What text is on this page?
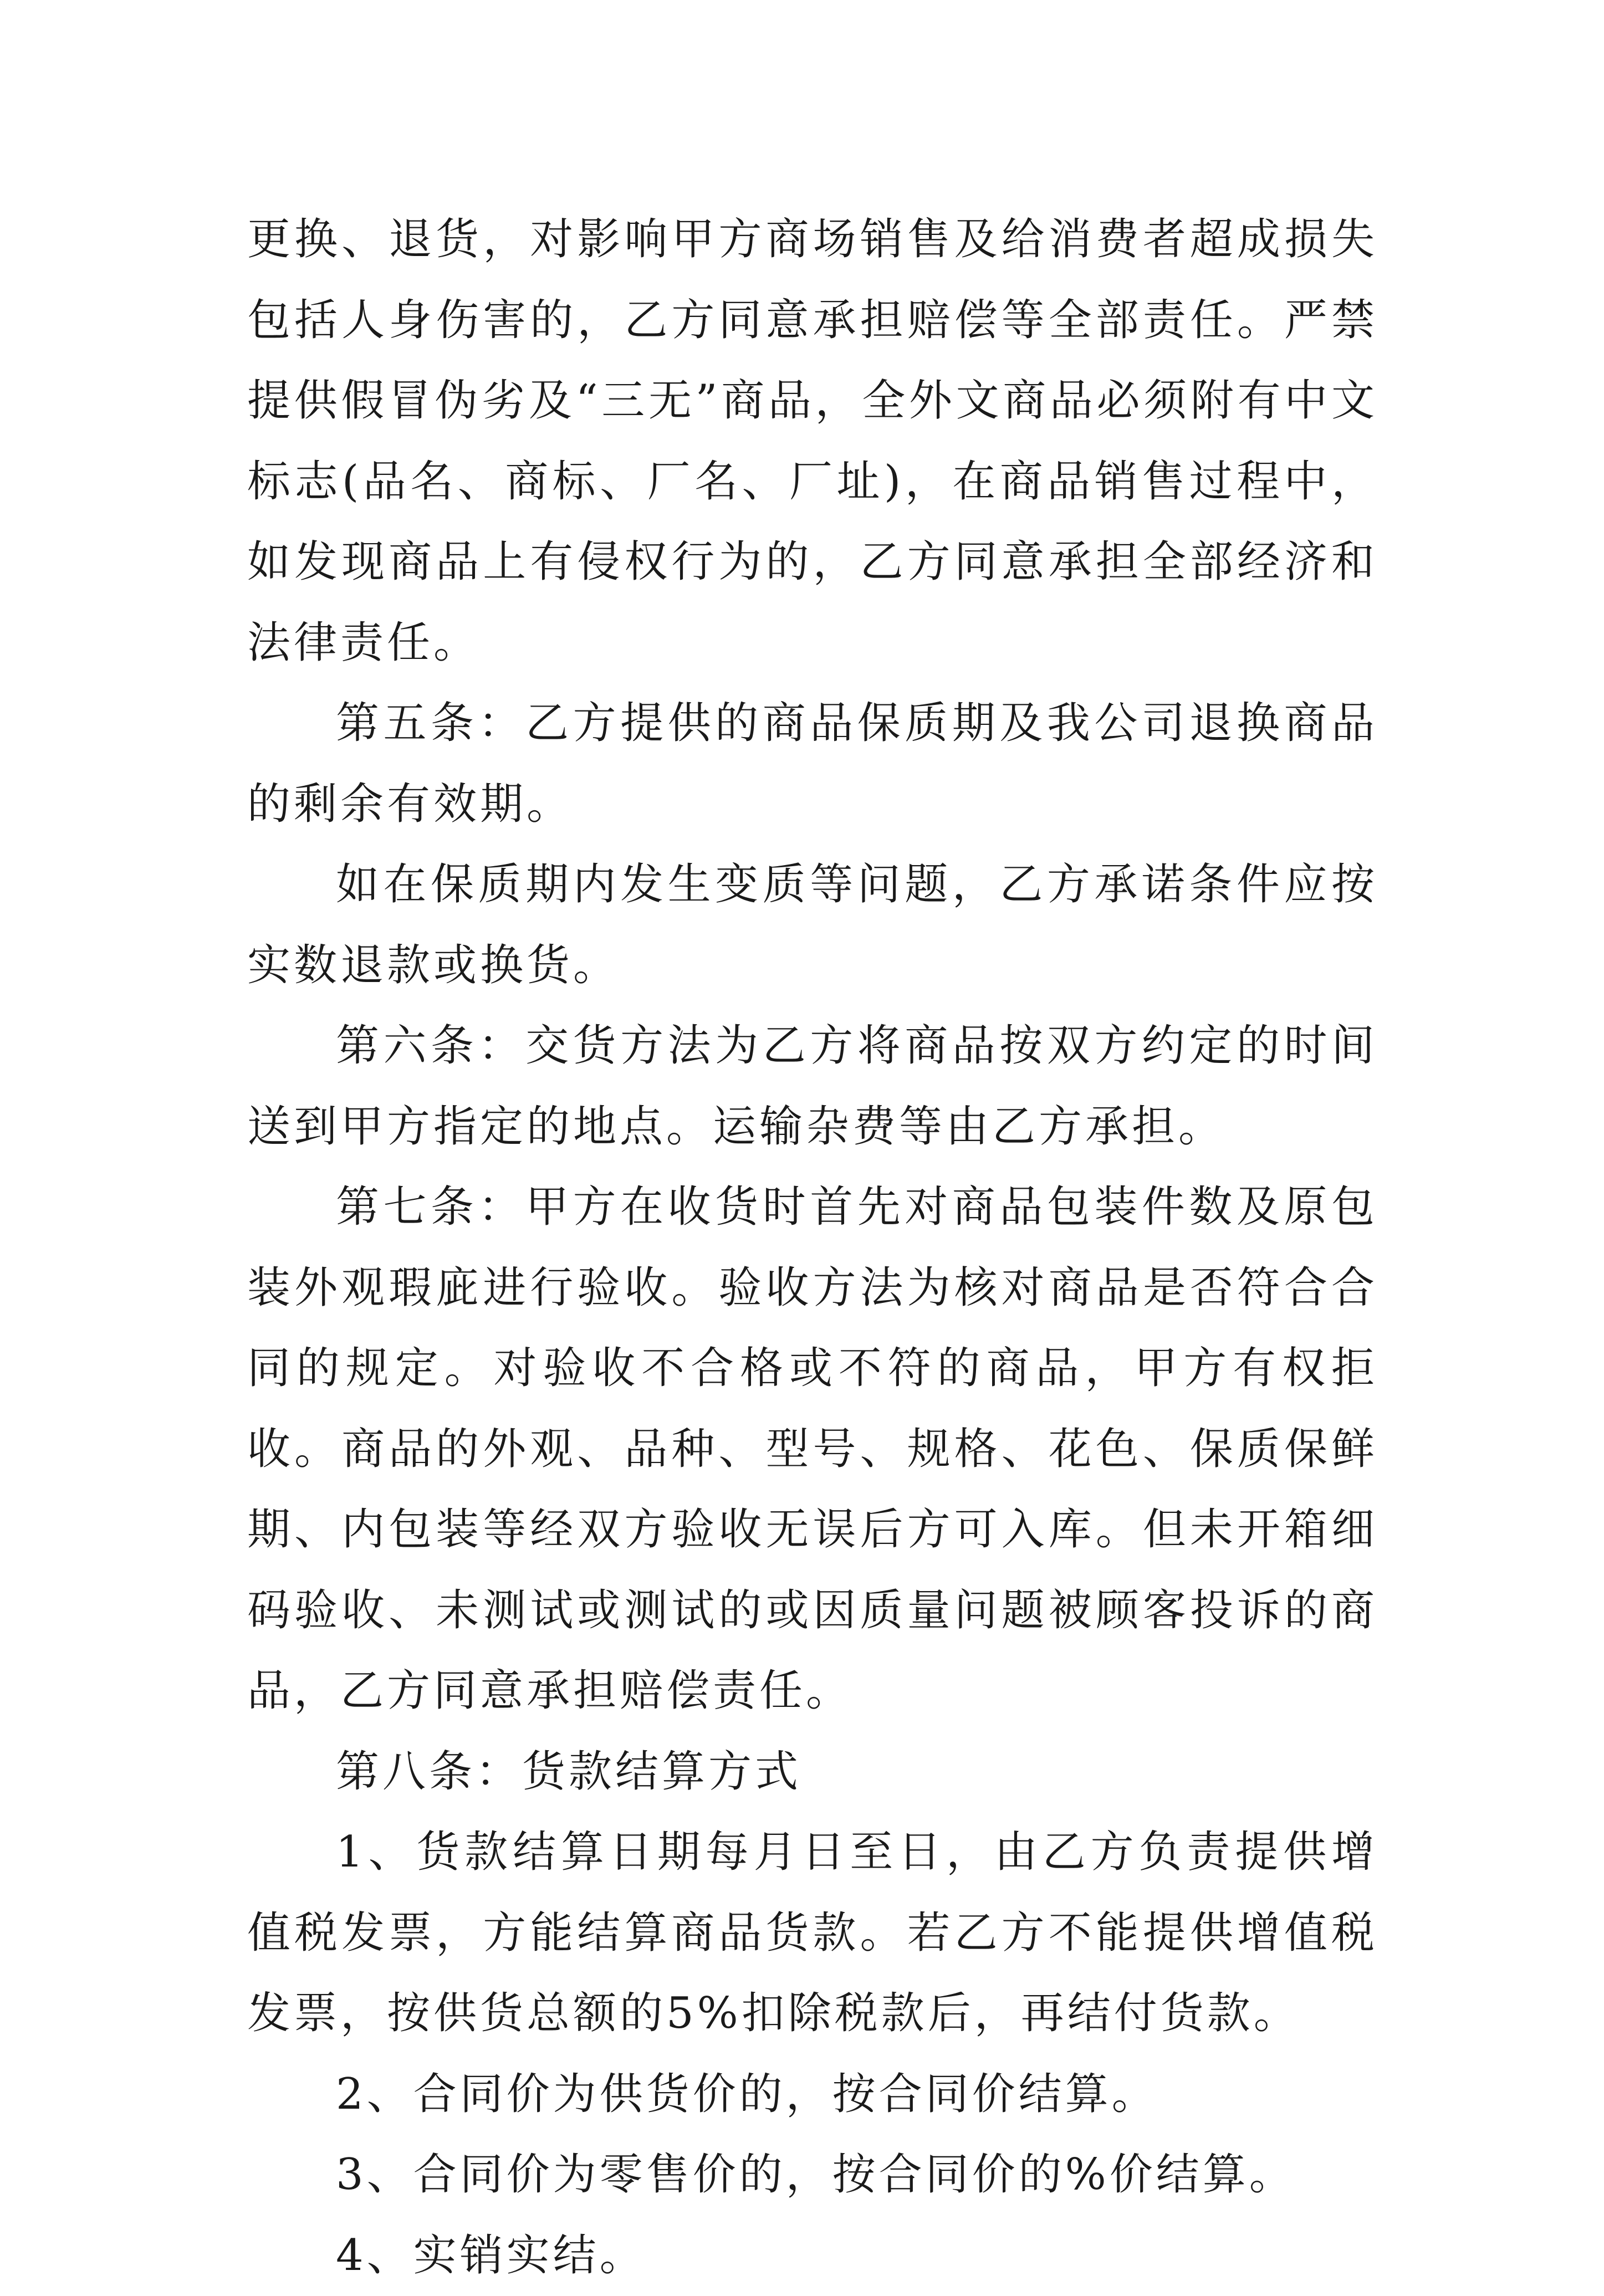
更换、退货，对影响甲方商场销售及给消费者超成损失包括人身伤害的，乙方同意承担赔偿等全部责任。严禁提供假冒伪劣及“三无”商品，全外文商品必须附有中文标志(品名、商标、厂名、厂址)，在商品销售过程中，如发现商品上有侵权行为的，乙方同意承担全部经济和法律责任。

第五条：乙方提供的商品保质期及我公司退换商品的剩余有效期。

如在保质期内发生变质等问题，乙方承诺条件应按实数退款或换货。

第六条：交货方法为乙方将商品按双方约定的时间送到甲方指定的地点。运输杂费等由乙方承担。

第七条：甲方在收货时首先对商品包装件数及原包装外观瑕庛进行验收。验收方法为核对商品是否符合合同的规定。对验收不合格或不符的商品，甲方有权拒收。商品的外观、品种、型号、规格、花色、保质保鲜期、内包装等经双方验收无误后方可入库。但未开箱细码验收、未测试或测试的或因质量问题被顾客投诉的商品，乙方同意承担赔偿责任。

第八条：货款结算方式

1、货款结算日期每月日至日，由乙方负责提供增值税发票，方能结算商品货款。若乙方不能提供增值税发票，按供货总额的5%扣除税款后，再结付货款。

2、合同价为供货价的，按合同价结算。

3、合同价为零售价的，按合同价的%价结算。

4、实销实结。
